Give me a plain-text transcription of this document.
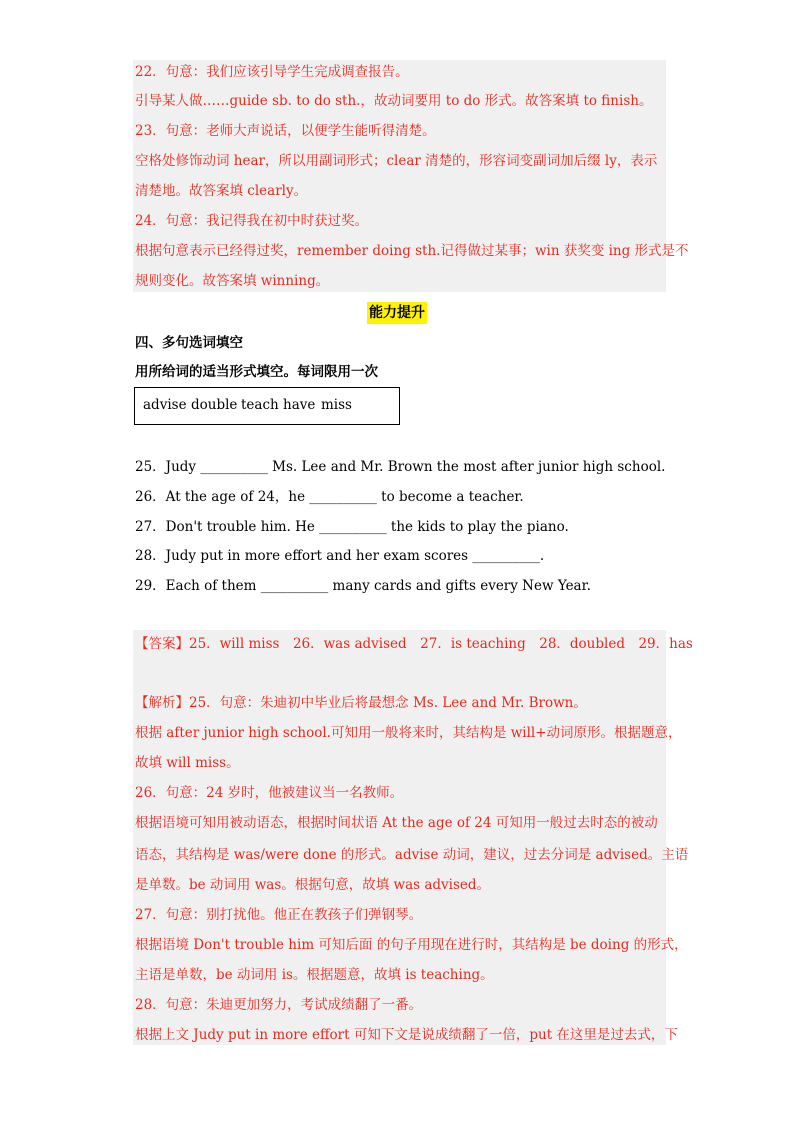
22．句意：我们应该引导学生完成调查报告。
引导某人做……guide sb. to do sth.，故动词要用 to do 形式。故答案填 to finish。
23．句意：老师大声说话，以便学生能听得清楚。
空格处修饰动词 hear，所以用副词形式；clear 清楚的，形容词变副词加后缀 ly，表示
清楚地。故答案填 clearly。
24．句意：我记得我在初中时获过奖。
根据句意表示已经得过奖，remember doing sth.记得做过某事；win 获奖变 ing 形式是不
规则变化。故答案填 winning。
能力提升
四、多句选词填空
用所给词的适当形式填空。每词限用一次
advise double teach have miss
25．Judy __________ Ms. Lee and Mr. Brown the most after junior high school.
26．At the age of 24，he __________ to become a teacher.
27．Don't trouble him. He __________ the kids to play the piano.
28．Judy put in more effort and her exam scores __________.
29．Each of them __________ many cards and gifts every New Year.
【答案】25．will miss　26．was advised　27．is teaching　28．doubled　29．has
【解析】25．句意：朱迪初中毕业后将最想念 Ms. Lee and Mr. Brown。
根据 after junior high school.可知用一般将来时，其结构是 will+动词原形。根据题意，
故填 will miss。
26．句意：24 岁时，他被建议当一名教师。
根据语境可知用被动语态，根据时间状语 At the age of 24 可知用一般过去时态的被动
语态，其结构是 was/were done 的形式。advise 动词，建议，过去分词是 advised。主语
是单数。be 动词用 was。根据句意，故填 was advised。
27．句意：别打扰他。他正在教孩子们弹钢琴。
根据语境 Don't trouble him 可知后面 的句子用现在进行时，其结构是 be doing 的形式，
主语是单数，be 动词用 is。根据题意，故填 is teaching。
28．句意：朱迪更加努力，考试成绩翻了一番。
根据上文 Judy put in more effort 可知下文是说成绩翻了一倍，put 在这里是过去式，下
